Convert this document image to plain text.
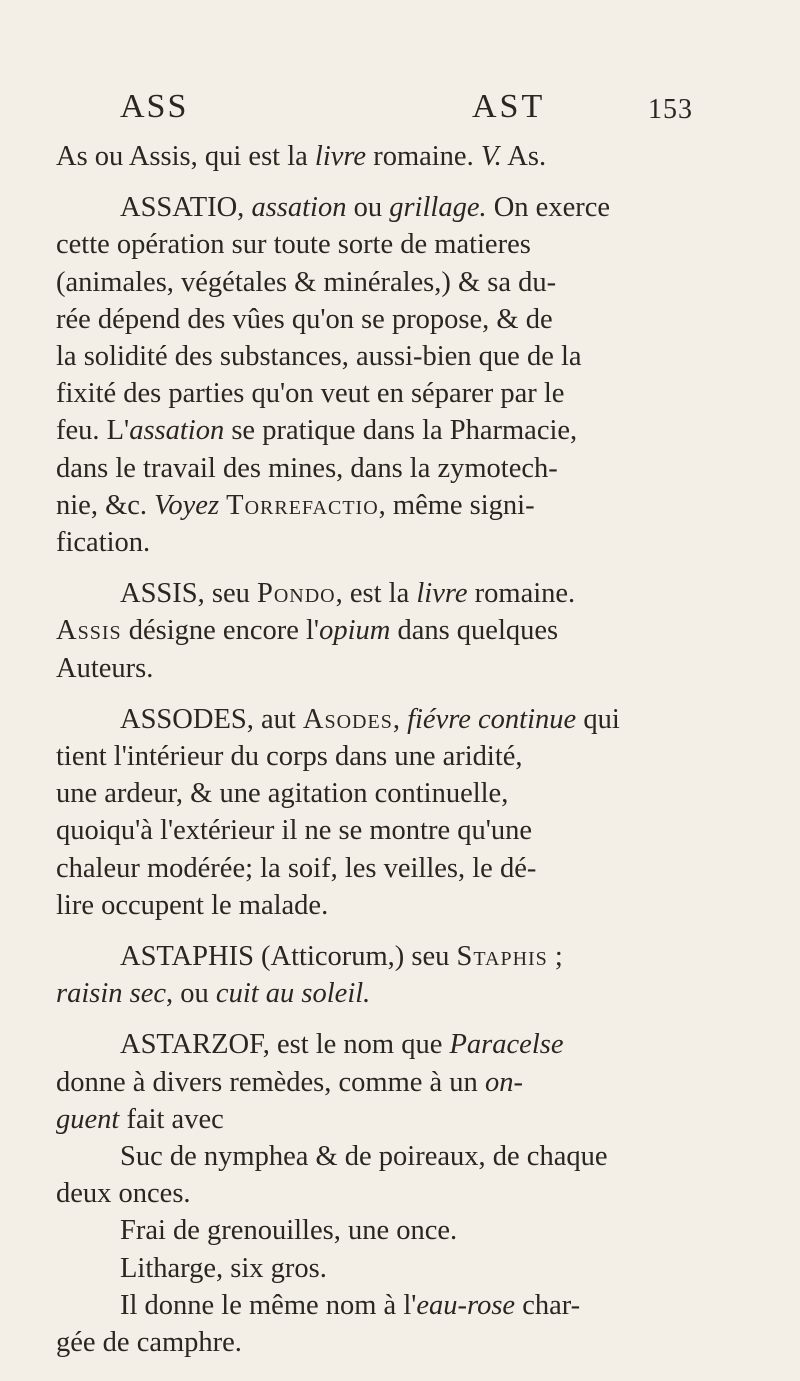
ASS	AST	153

As ou Assis, qui est la livre romaine. V. As.

ASSATIO, assation ou grillage. On exerce
cette opération sur toute sorte de matieres
(animales, végétales & minérales,) & sa du-
rée dépend des vûes qu'on se propose, & de
la solidité des substances, aussi-bien que de la
fixité des parties qu'on veut en séparer par le
feu. L'assation se pratique dans la Pharmacie,
dans le travail des mines, dans la zymotech-
nie, &c. Voyez Torrefactio, même signi-
fication.

ASSIS, seu Pondo, est la livre romaine.
Assis désigne encore l'opium dans quelques
Auteurs.

ASSODES, aut Asodes, fiévre continue qui
tient l'intérieur du corps dans une aridité,
une ardeur, & une agitation continuelle,
quoiqu'à l'extérieur il ne se montre qu'une
chaleur modérée; la soif, les veilles, le dé-
lire occupent le malade.

ASTAPHIS (Atticorum,) seu Staphis ;
raisin sec, ou cuit au soleil.

ASTARZOF, est le nom que Paracelse
donne à divers remèdes, comme à un on-
guent fait avec
Suc de nymphea & de poireaux, de chaque
deux onces.
Frai de grenouilles, une once.
Litharge, six gros.
Il donne le même nom à l'eau-rose char-
gée de camphre.
